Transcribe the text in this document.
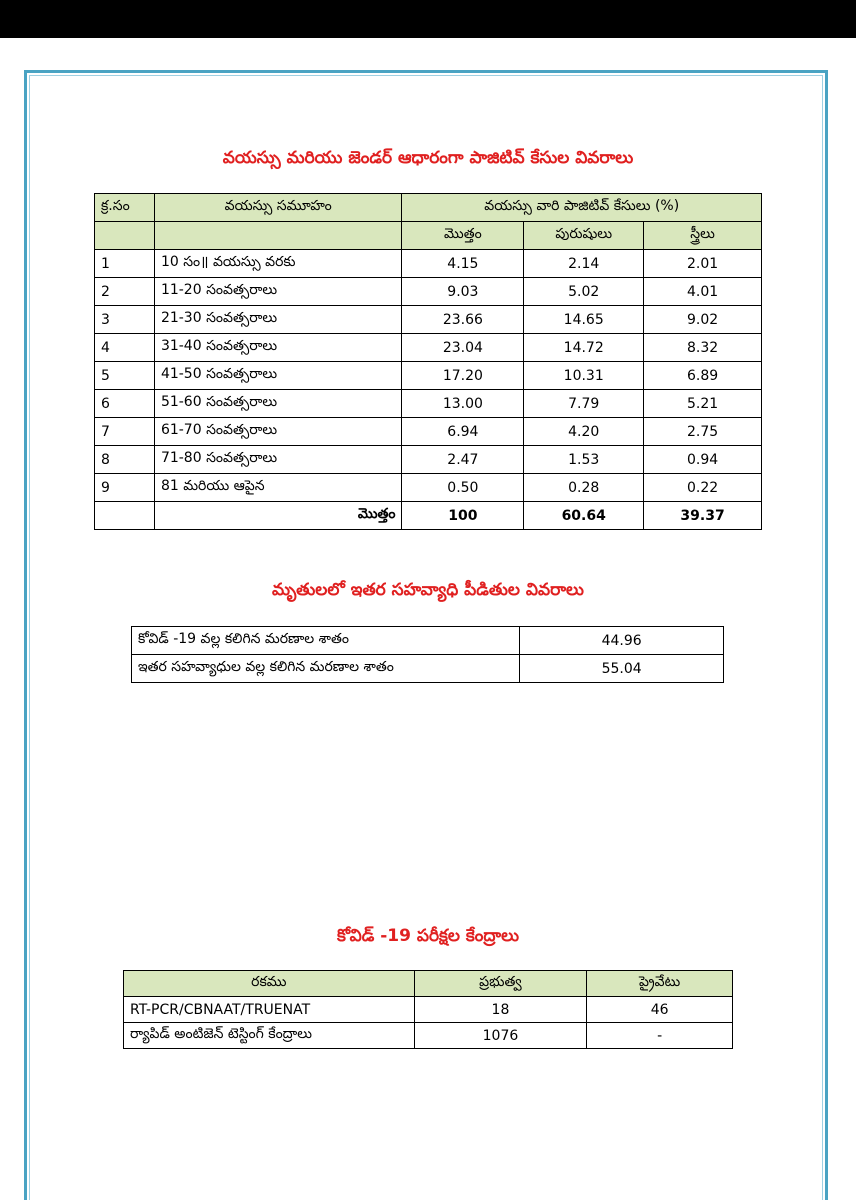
వయస్సు మరియు జెండర్ ఆధారంగా పాజిటివ్ కేసుల వివరాలు
క్ర.సం	వయస్సు సమూహం	వయస్సు వారి పాజిటివ్ కేసులు (%)		
		మొత్తం	పురుషులు	స్త్రీలు
1	10 సం॥ వయస్సు వరకు	4.15	2.14	2.01
2	11-20 సంవత్సరాలు	9.03	5.02	4.01
3	21-30 సంవత్సరాలు	23.66	14.65	9.02
4	31-40 సంవత్సరాలు	23.04	14.72	8.32
5	41-50 సంవత్సరాలు	17.20	10.31	6.89
6	51-60 సంవత్సరాలు	13.00	7.79	5.21
7	61-70 సంవత్సరాలు	6.94	4.20	2.75
8	71-80 సంవత్సరాలు	2.47	1.53	0.94
9	81 మరియు ఆపైన	0.50	0.28	0.22
	మొత్తం	100	60.64	39.37
మృతులలో ఇతర సహవ్యాధి పీడితుల వివరాలు
కోవిడ్ -19 వల్ల కలిగిన మరణాల శాతం	44.96
ఇతర సహవ్యాధుల వల్ల కలిగిన మరణాల శాతం	55.04
కోవిడ్ -19 పరీక్షల కేంద్రాలు
రకము	ప్రభుత్వ	ప్రైవేటు
RT-PCR/CBNAAT/TRUENAT	18	46
ర్యాపిడ్ అంటిజెన్ టెస్టింగ్ కేంద్రాలు	1076	-
